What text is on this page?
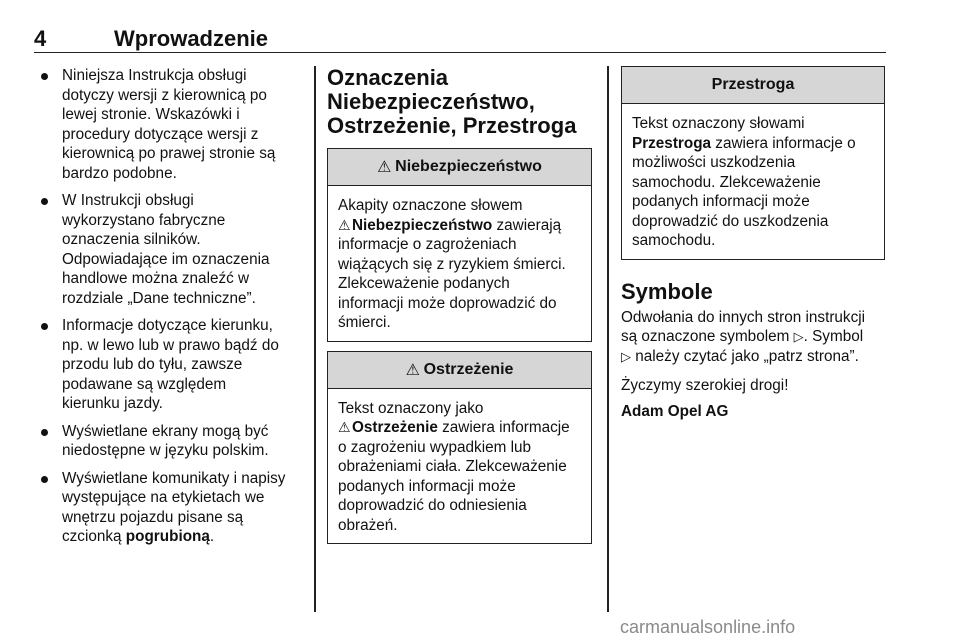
4	Wprowadzenie
Niniejsza Instrukcja obsługi
dotyczy wersji z kierownicą po
lewej stronie. Wskazówki i
procedury dotyczące wersji z
kierownicą po prawej stronie są
bardzo podobne.
W Instrukcji obsługi
wykorzystano fabryczne
oznaczenia silników.
Odpowiadające im oznaczenia
handlowe można znaleźć w
rozdziale „Dane techniczne”.
Informacje dotyczące kierunku,
np. w lewo lub w prawo bądź do
przodu lub do tyłu, zawsze
podawane są względem
kierunku jazdy.
Wyświetlane ekrany mogą być
niedostępne w języku polskim.
Wyświetlane komunikaty i napisy
występujące na etykietach we
wnętrzu pojazdu pisane są
czcionką pogrubioną.
Oznaczenia
Niebezpieczeństwo,
Ostrzeżenie, Przestroga
⚠ Niebezpieczeństwo
Akapity oznaczone słowem
⚠Niebezpieczeństwo zawierają
informacje o zagrożeniach
wiążących się z ryzykiem śmierci.
Zlekceważenie podanych
informacji może doprowadzić do
śmierci.
⚠ Ostrzeżenie
Tekst oznaczony jako
⚠Ostrzeżenie zawiera informacje
o zagrożeniu wypadkiem lub
obrażeniami ciała. Zlekceważenie
podanych informacji może
doprowadzić do odniesienia
obrażeń.
Przestroga
Tekst oznaczony słowami
Przestroga zawiera informacje o
możliwości uszkodzenia
samochodu. Zlekceważenie
podanych informacji może
doprowadzić do uszkodzenia
samochodu.
Symbole

Odwołania do innych stron instrukcji
są oznaczone symbolem ▷. Symbol
▷ należy czytać jako „patrz strona”.

Życzymy szerokiej drogi!

Adam Opel AG

carmanualsonline.info
